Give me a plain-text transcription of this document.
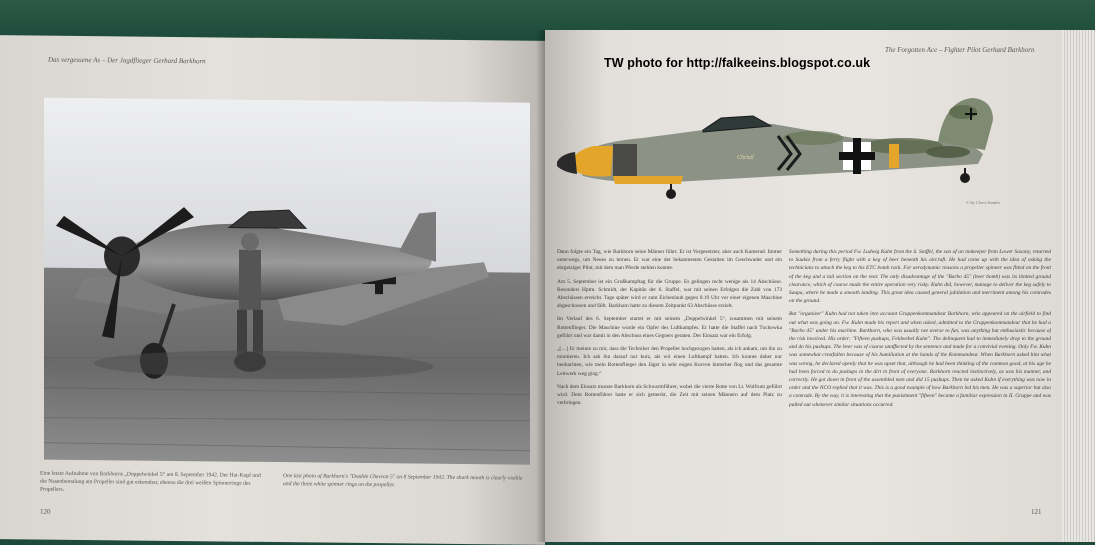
Das vergessene As – Der Jagdflieger Gerhard Barkhorn
Eine letzte Aufnahme von Barkhorns „Doppelwinkel 5“ am 8. September 1942. Der Hai-Kopf und die Nasenbemalung am Propeller sind gut erkennbar, ebenso die drei weißen Spinnerringe des Propellers.
One last photo of Barkhorn's "Double Chevron 5" on 8 September 1942. The shark mouth is clearly visible and the three white spinner rings on the propeller.
120
The Forgotten Ace – Fighter Pilot Gerhard Barkhorn

Dann folgte ein Tag, wie Barkhorn seine Männer führt. Er ist Vorgesetzter, aber auch Kamerad. Immer unterwegs, um Neues zu lernen. Er war eine der bekanntesten Gestalten im Geschwader und ein ehrgeiziger Pilot, mit dem man Pferde stehlen konnte.

Am 5. September ist ein Großkampftag für die Gruppe. Es gelingen recht wenige als 14 Abschüsse. Besonders Hptm. Schmidt, der Kapitän der 6. Staffel, war mit seinen Erfolgen die Zahl von 173 Abschüssen erreicht. Tage später wird er zum Eichenlaub gegen 8.19 Uhr vor einer eigenen Maschine abgeschossen und fällt. Barkhorn hatte zu diesem Zeitpunkt 63 Abschüsse erzielt.

Im Verlauf des 6. September startet er mit seinem „Doppelwinkel 5“, zusammen mit seinem Rottenflieger. Die Maschine wurde ein Opfer des Luftkampfes. Er hatte die Staffel nach Tuchowka geführt und war damit in den Abschuss eines Gegners geraten. Der Einsatz war ein Erfolg.

„[…] Er meinte zu mir, dass die Techniker den Propeller hochgezogen hatten, als ich ankam, um ihn zu montieren. Ich sah ihn darauf nur kurz, als wir einen Luftkampf hatten. Ich konnte daher nur beobachten, wie mein Rottenflieger den Jäger in sehr engen Kurven hinterher flog und das gesamte Leitwerk weg ging.“

Nach dem Einsatz musste Barkhorn als Schwarmführer, wobei die vierte Rotte von Lt. Wolfrum geführt wird. Dem Rottenführer hatte er sich gemerkt, die Zeit mit seinen Männern auf dem Platz zu verbringen.

Something during this period Fw. Ludwig Kuhn from the 6. Staffel, the son of an innkeeper from Lower Saxony, returned to Saukio from a ferry flight with a keg of beer beneath his aircraft. He had come up with the idea of asking the technicians to attach the keg to his ETC bomb rack. For aerodynamic reasons a propeller spinner was fitted on the front of the keg and a tail section on the rear. The only disadvantage of the "Barbo 45" (beer bomb) was its limited ground clearance, which of course made the entire operation very risky. Kuhn did, however, manage to deliver the keg safely to Saupa, where he made a smooth landing. This great idea caused general jubilation and merriment among his comrades on the ground.

But "organizer" Kuhn had not taken into account Gruppenkommandeur Barkhorn, who appeared on the airfield to find out what was going on. Fw. Kuhn made his report and when asked, admitted to the Gruppenkommandeur that he had a "Barbo 45" under his machine. Barkhorn, who was usually not averse to fun, was anything but enthusiastic because of the risk involved. His order: "Fifteen pushups, Feldwebel Kuhn". The delinquent had to immediately drop to the ground and do his pushups. The beer was of course unaffected by the sentence and made for a convivial evening. Only Fw. Kuhn was somewhat crestfallen because of his humiliation at the hands of the Kommandeur. When Barkhorn asked him what was wrong, he declared openly that he was upset that, although he had been thinking of the common good, at his age he had been forced to do pushups in the dirt in front of everyone. Barkhorn reacted instinctively, as was his manner, and correctly. He got down in front of the assembled men and did 15 pushups. Then he asked Kuhn if everything was now in order and the NCO replied that it was. This is a good example of how Barkhorn led his men. He was a superior but also a comrade. By the way, it is interesting that the punishment "fifteen" became a familiar expression in II. Gruppe and was pulled out whenever similar situations occurred.

121
Christl
© by Claes Sundin
TW photo for http://falkeeins.blogspot.co.uk
